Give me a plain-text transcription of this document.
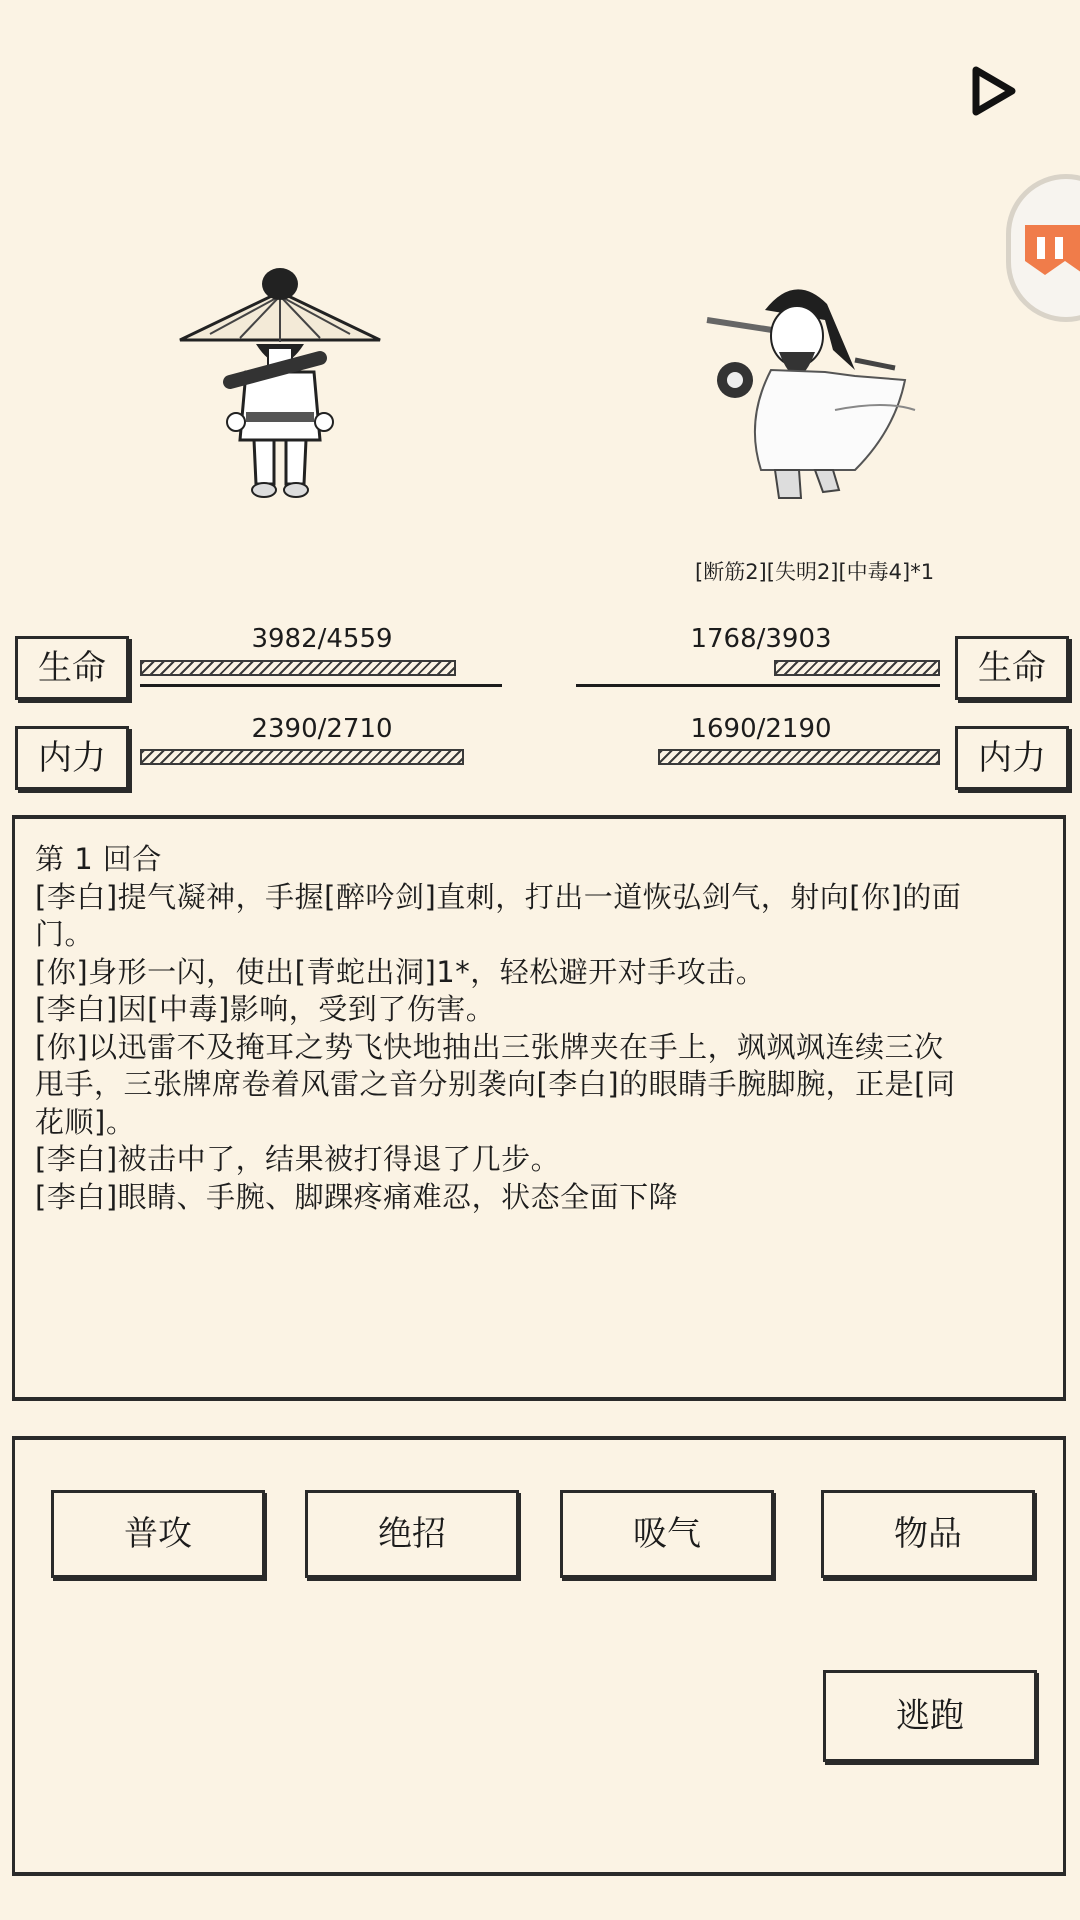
[断筋2][失明2][中毒4]*1
生命
3982/4559
生命
1768/3903
内力
2390/2710
内力
1690/2190
第 1 回合
[李白]提气凝神，手握[醉吟剑]直刺，打出一道恢弘剑气，射向[你]的面
门。
[你]身形一闪，使出[青蛇出洞]1*，轻松避开对手攻击。
[李白]因[中毒]影响，受到了伤害。
[你]以迅雷不及掩耳之势飞快地抽出三张牌夹在手上，飒飒飒连续三次
甩手，三张牌席卷着风雷之音分别袭向[李白]的眼睛手腕脚腕，正是[同
花顺]。
[李白]被击中了，结果被打得退了几步。
[李白]眼睛、手腕、脚踝疼痛难忍，状态全面下降
普攻	绝招	吸气	物品
逃跑
